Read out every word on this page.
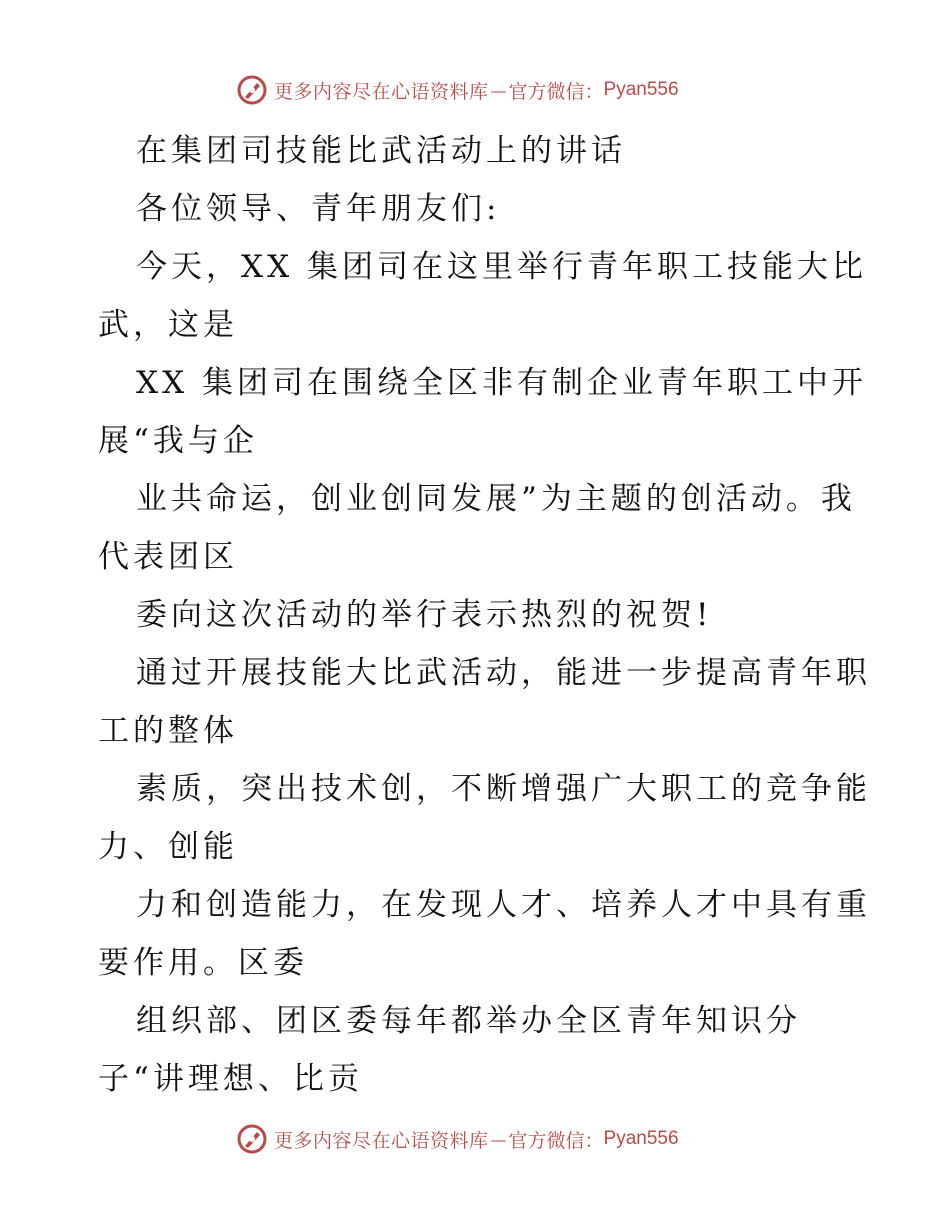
更多内容尽在心语资料库 — 官方微信： Pyan556
在集团司技能比武活动上的讲话
各位领导、青年朋友们:
今天，XX 集团司在这里举行青年职工技能大比
武，这是
XX 集团司在围绕全区非有制企业青年职工中开
展“我与企
业共命运，创业创同发展”为主题的创活动。我
代表团区
委向这次活动的举行表示热烈的祝贺!
通过开展技能大比武活动，能进一步提高青年职
工的整体
素质，突出技术创，不断增强广大职工的竞争能
力、创能
力和创造能力，在发现人才、培养人才中具有重
要作用。区委
组织部、团区委每年都举办全区青年知识分
子“讲理想、比贡
更多内容尽在心语资料库 — 官方微信： Pyan556
